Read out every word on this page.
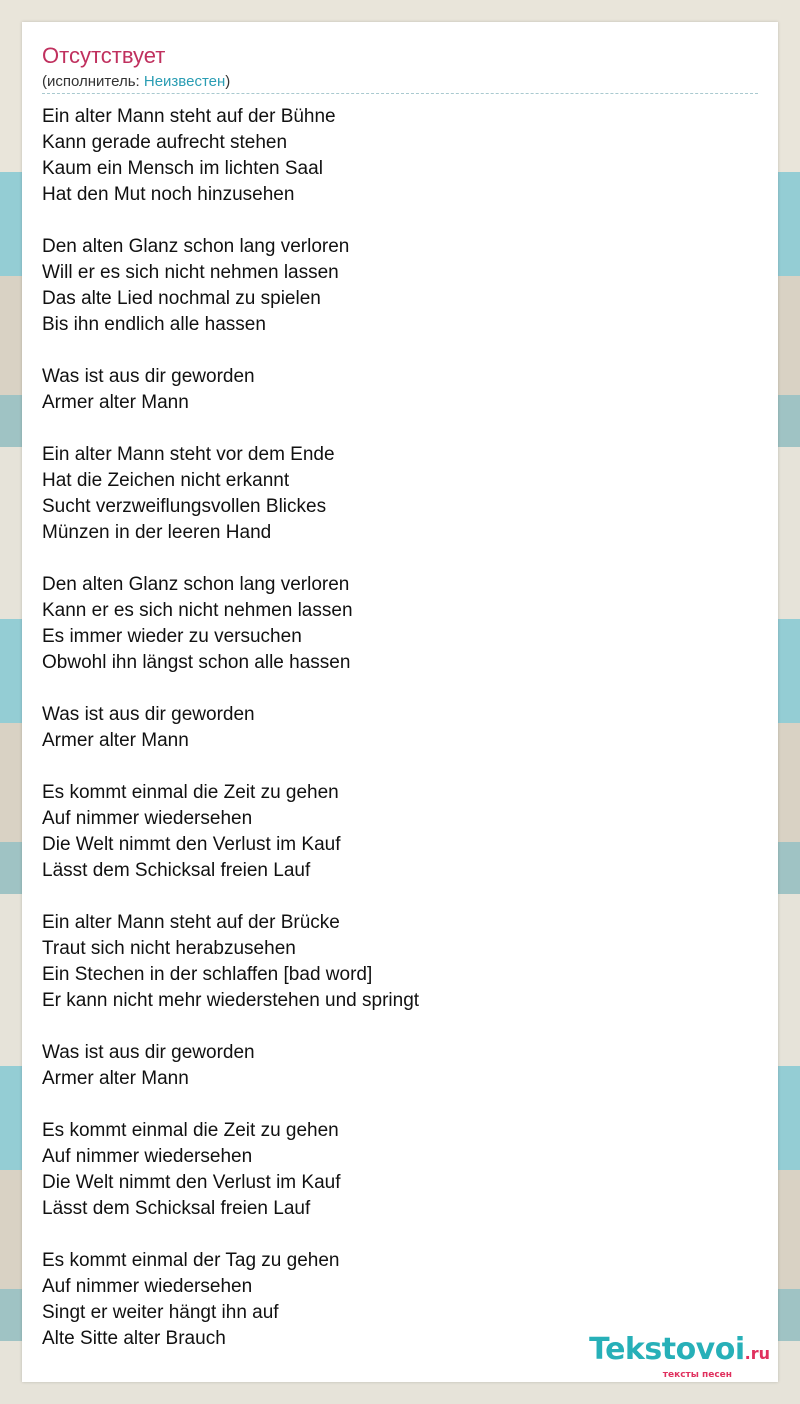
Отсутствует
(исполнитель: Неизвестен)
Ein alter Mann steht auf der Bühne
Kann gerade aufrecht stehen
Kaum ein Mensch im lichten Saal
Hat den Mut noch hinzusehen

Den alten Glanz schon lang verloren
Will er es sich nicht nehmen lassen
Das alte Lied nochmal zu spielen
Bis ihn endlich alle hassen

Was ist aus dir geworden
Armer alter Mann

Ein alter Mann steht vor dem Ende
Hat die Zeichen nicht erkannt
Sucht verzweiflungsvollen Blickes
Münzen in der leeren Hand

Den alten Glanz schon lang verloren
Kann er es sich nicht nehmen lassen
Es immer wieder zu versuchen
Obwohl ihn längst schon alle hassen

Was ist aus dir geworden
Armer alter Mann

Es kommt einmal die Zeit zu gehen
Auf nimmer wiedersehen
Die Welt nimmt den Verlust im Kauf
Lässt dem Schicksal freien Lauf

Ein alter Mann steht auf der Brücke
Traut sich nicht herabzusehen
Ein Stechen in der schlaffen [bad word]
Er kann nicht mehr wiederstehen und springt

Was ist aus dir geworden
Armer alter Mann

Es kommt einmal die Zeit zu gehen
Auf nimmer wiedersehen
Die Welt nimmt den Verlust im Kauf
Lässt dem Schicksal freien Lauf

Es kommt einmal der Tag zu gehen
Auf nimmer wiedersehen
Singt er weiter hängt ihn auf
Alte Sitte alter Brauch	Tekstovoi.ru
тексты песен
